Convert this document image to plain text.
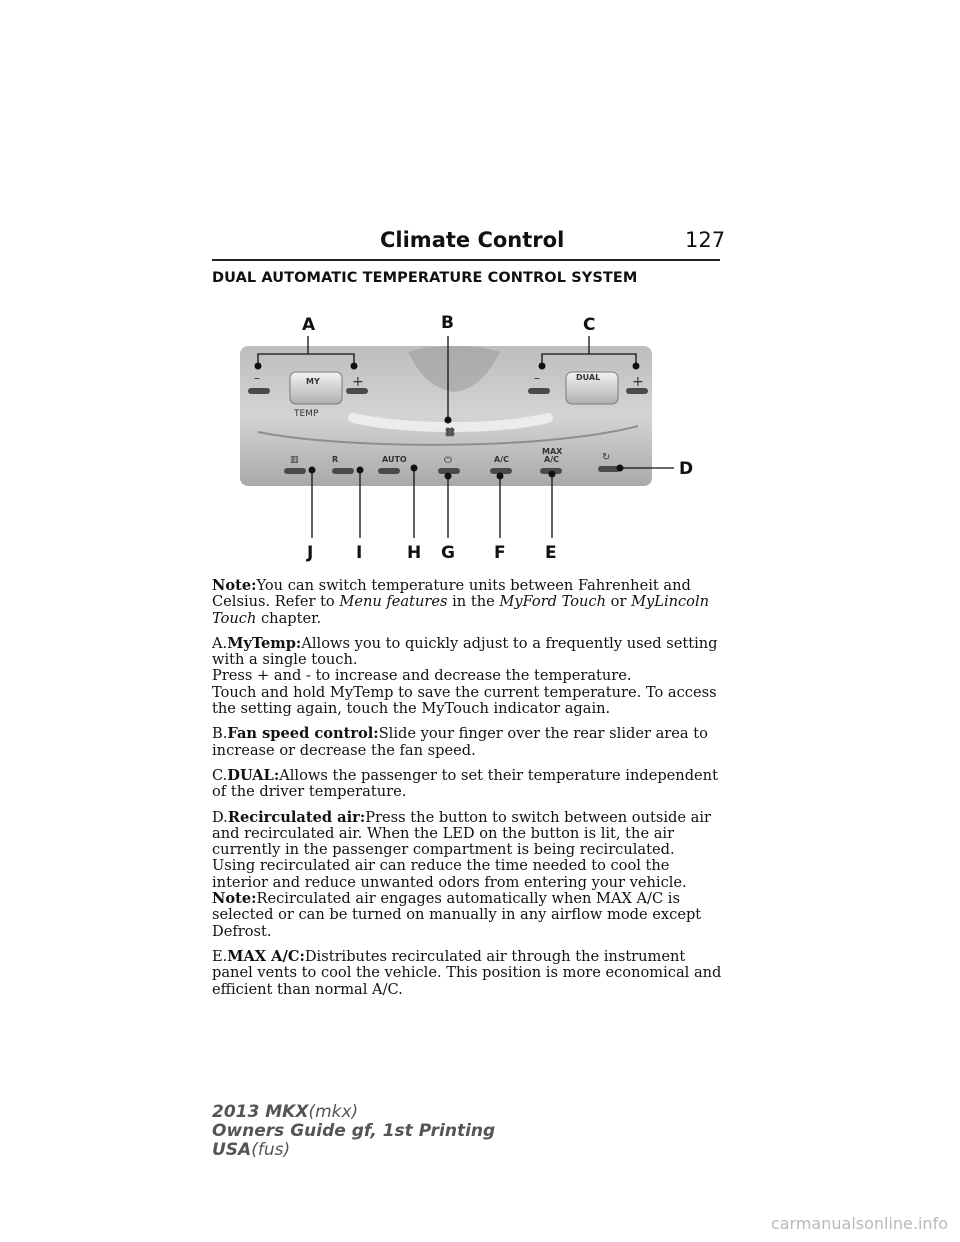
Climate Control	127
DUAL AUTOMATIC TEMPERATURE CONTROL SYSTEM
–	+
MY
TEMP
–	+
DUAL
▥	R	AUTO	⏻	A/C
MAX
A/C	↻
A	B	C
D
J	I	H G F E

Note:You can switch temperature units between Fahrenheit and Celsius. Refer to Menu features in the MyFord Touch or MyLincoln Touch chapter.

A.MyTemp:Allows you to quickly adjust to a frequently used setting with a single touch.

Press + and - to increase and decrease the temperature.

Touch and hold MyTemp to save the current temperature. To access the setting again, touch the MyTouch indicator again.

B.Fan speed control:Slide your finger over the rear slider area to increase or decrease the fan speed.

C.DUAL:Allows the passenger to set their temperature independent of the driver temperature.

D.Recirculated air:Press the button to switch between outside air and recirculated air. When the LED on the button is lit, the air currently in the passenger compartment is being recirculated. Using recirculated air can reduce the time needed to cool the interior and reduce unwanted odors from entering your vehicle.

Note:Recirculated air engages automatically when MAX A/C is selected or can be turned on manually in any airflow mode except Defrost.

E.MAX A/C:Distributes recirculated air through the instrument panel vents to cool the vehicle. This position is more economical and efficient than normal A/C.

2013 MKX(mkx)
Owners Guide gf, 1st Printing
USA(fus)
carmanualsonline.info
